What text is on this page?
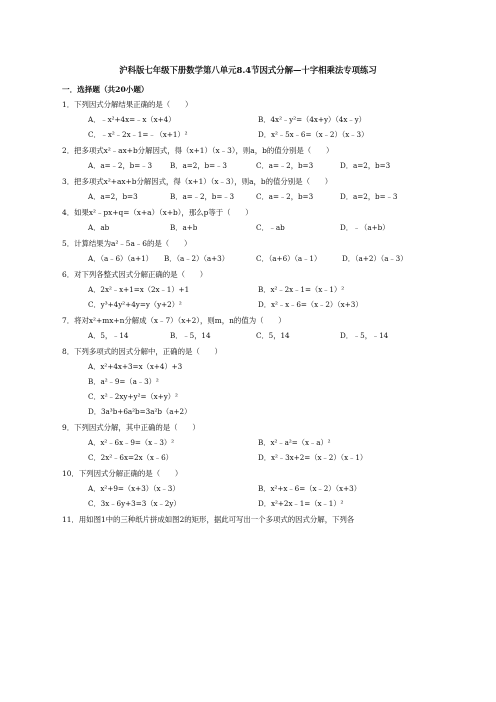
沪科版七年级下册数学第八单元8.4节因式分解—十字相乘法专项练习
一．选择题（共20小题）
1．下列因式分解结果正确的是（　　）
A．﹣x²+4x=﹣x（x+4）	B．4x²﹣y²=（4x+y）（4x﹣y）
C．﹣x²﹣2x﹣1=﹣（x+1）²	D．x²﹣5x﹣6=（x﹣2）（x﹣3）
2．把多项式x²﹣ax+b分解因式，得（x+1）（x﹣3），则a，b的值分别是（　　）
A．a=﹣2，b=﹣3 B．a=2，b=﹣3	C．a=﹣2，b=3	D．a=2，b=3
3．把多项式x²+ax+b分解因式，得（x+1）（x﹣3），则a，b的值分别是（　　）
A．a=2，b=3	B．a=﹣2，b=﹣3	C．a=﹣2，b=3	D．a=2，b=﹣3
4．如果x²﹣px+q=（x+a）（x+b），那么p等于（　　）
A．ab	B．a+b	C．﹣ab	D．﹣（a+b）
5．计算结果为a²﹣5a﹣6的是（　　）
A．（a﹣6）（a+1） B．（a﹣2）（a+3）	C．（a+6）（a﹣1）	D．（a+2）（a﹣3）
6．对下列各整式因式分解正确的是（　　）
A．2x²﹣x+1=x（2x﹣1）+1	B．x²﹣2x﹣1=（x﹣1）²
C．y³+4y²+4y=y（y+2）²	D．x²﹣x﹣6=（x﹣2）（x+3）
7．将对x²+mx+n分解成（x﹣7）（x+2），则m，n的值为（　　）
A．5，﹣14	B．﹣5，14	C．5，14	D．﹣5，﹣14
8．下列多项式的因式分解中，正确的是（　　）
A．x²+4x+3=x（x+4）+3
B．a²﹣9=（a﹣3）²
C．x²﹣2xy+y²=（x+y）²
D．3a³b+6a²b=3a²b（a+2）
9．下列因式分解，其中正确的是（　　）
A．x²﹣6x﹣9=（x﹣3）²	B．x²﹣a²=（x﹣a）²
C．2x²﹣6x=2x（x﹣6）	D．x²﹣3x+2=（x﹣2）（x﹣1）
10．下列因式分解正确的是（　　）
A．x²+9=（x+3）（x﹣3）	B．x²+x﹣6=（x﹣2）（x+3）
C．3x﹣6y+3=3（x﹣2y）	D．x²+2x﹣1=（x﹣1）²
11．用如图1中的三种纸片拼成如图2的矩形，据此可写出一个多项式的因式分解，下列各
